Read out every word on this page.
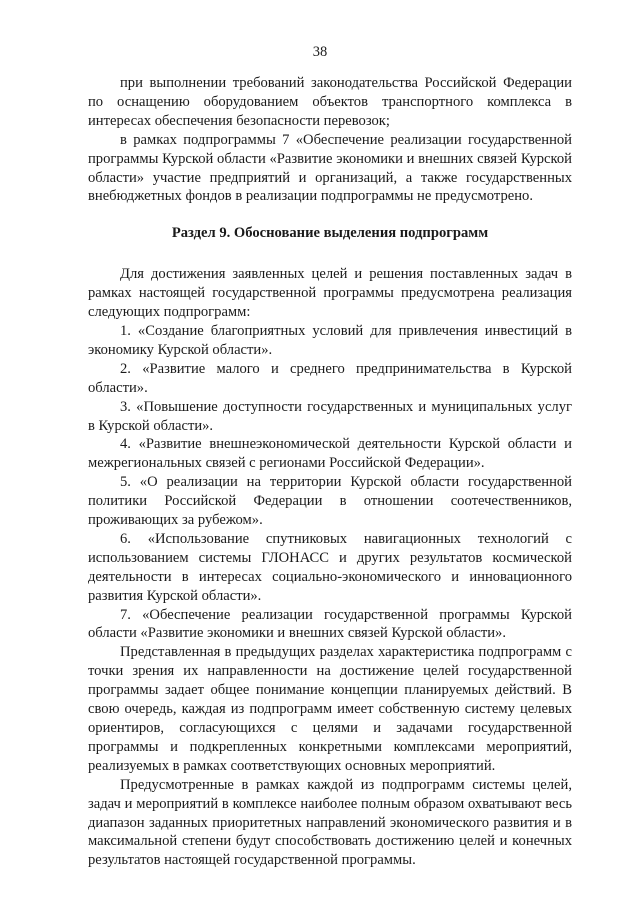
38

при выполнении требований законодательства Российской Федерации по оснащению оборудованием объектов транспортного комплекса в интересах обеспечения безопасности перевозок;

в рамках подпрограммы 7 «Обеспечение реализации государственной программы Курской области «Развитие экономики и внешних связей Курской области» участие предприятий и организаций, а также государственных внебюджетных фондов в реализации подпрограммы не предусмотрено.

Раздел 9. Обоснование выделения подпрограмм

Для достижения заявленных целей и решения поставленных задач в рамках настоящей государственной программы предусмотрена реализация следующих подпрограмм:

1. «Создание благоприятных условий для привлечения инвестиций в экономику Курской области».

2. «Развитие малого и среднего предпринимательства в Курской области».

3. «Повышение доступности государственных и муниципальных услуг в Курской области».

4. «Развитие внешнеэкономической деятельности Курской области и межрегиональных связей с регионами Российской Федерации».

5. «О реализации на территории Курской области государственной политики Российской Федерации в отношении соотечественников, проживающих за рубежом».

6. «Использование спутниковых навигационных технологий с использованием системы ГЛОНАСС и других результатов космической деятельности в интересах социально-экономического и инновационного развития Курской области».

7. «Обеспечение реализации государственной программы Курской области «Развитие экономики и внешних связей Курской области».

Представленная в предыдущих разделах характеристика подпрограмм с точки зрения их направленности на достижение целей государственной программы задает общее понимание концепции планируемых действий. В свою очередь, каждая из подпрограмм имеет собственную систему целевых ориентиров, согласующихся с целями и задачами государственной программы и подкрепленных конкретными комплексами мероприятий, реализуемых в рамках соответствующих основных мероприятий.

Предусмотренные в рамках каждой из подпрограмм системы целей, задач и мероприятий в комплексе наиболее полным образом охватывают весь диапазон заданных приоритетных направлений экономического развития и в максимальной степени будут способствовать достижению целей и конечных результатов настоящей государственной программы.
